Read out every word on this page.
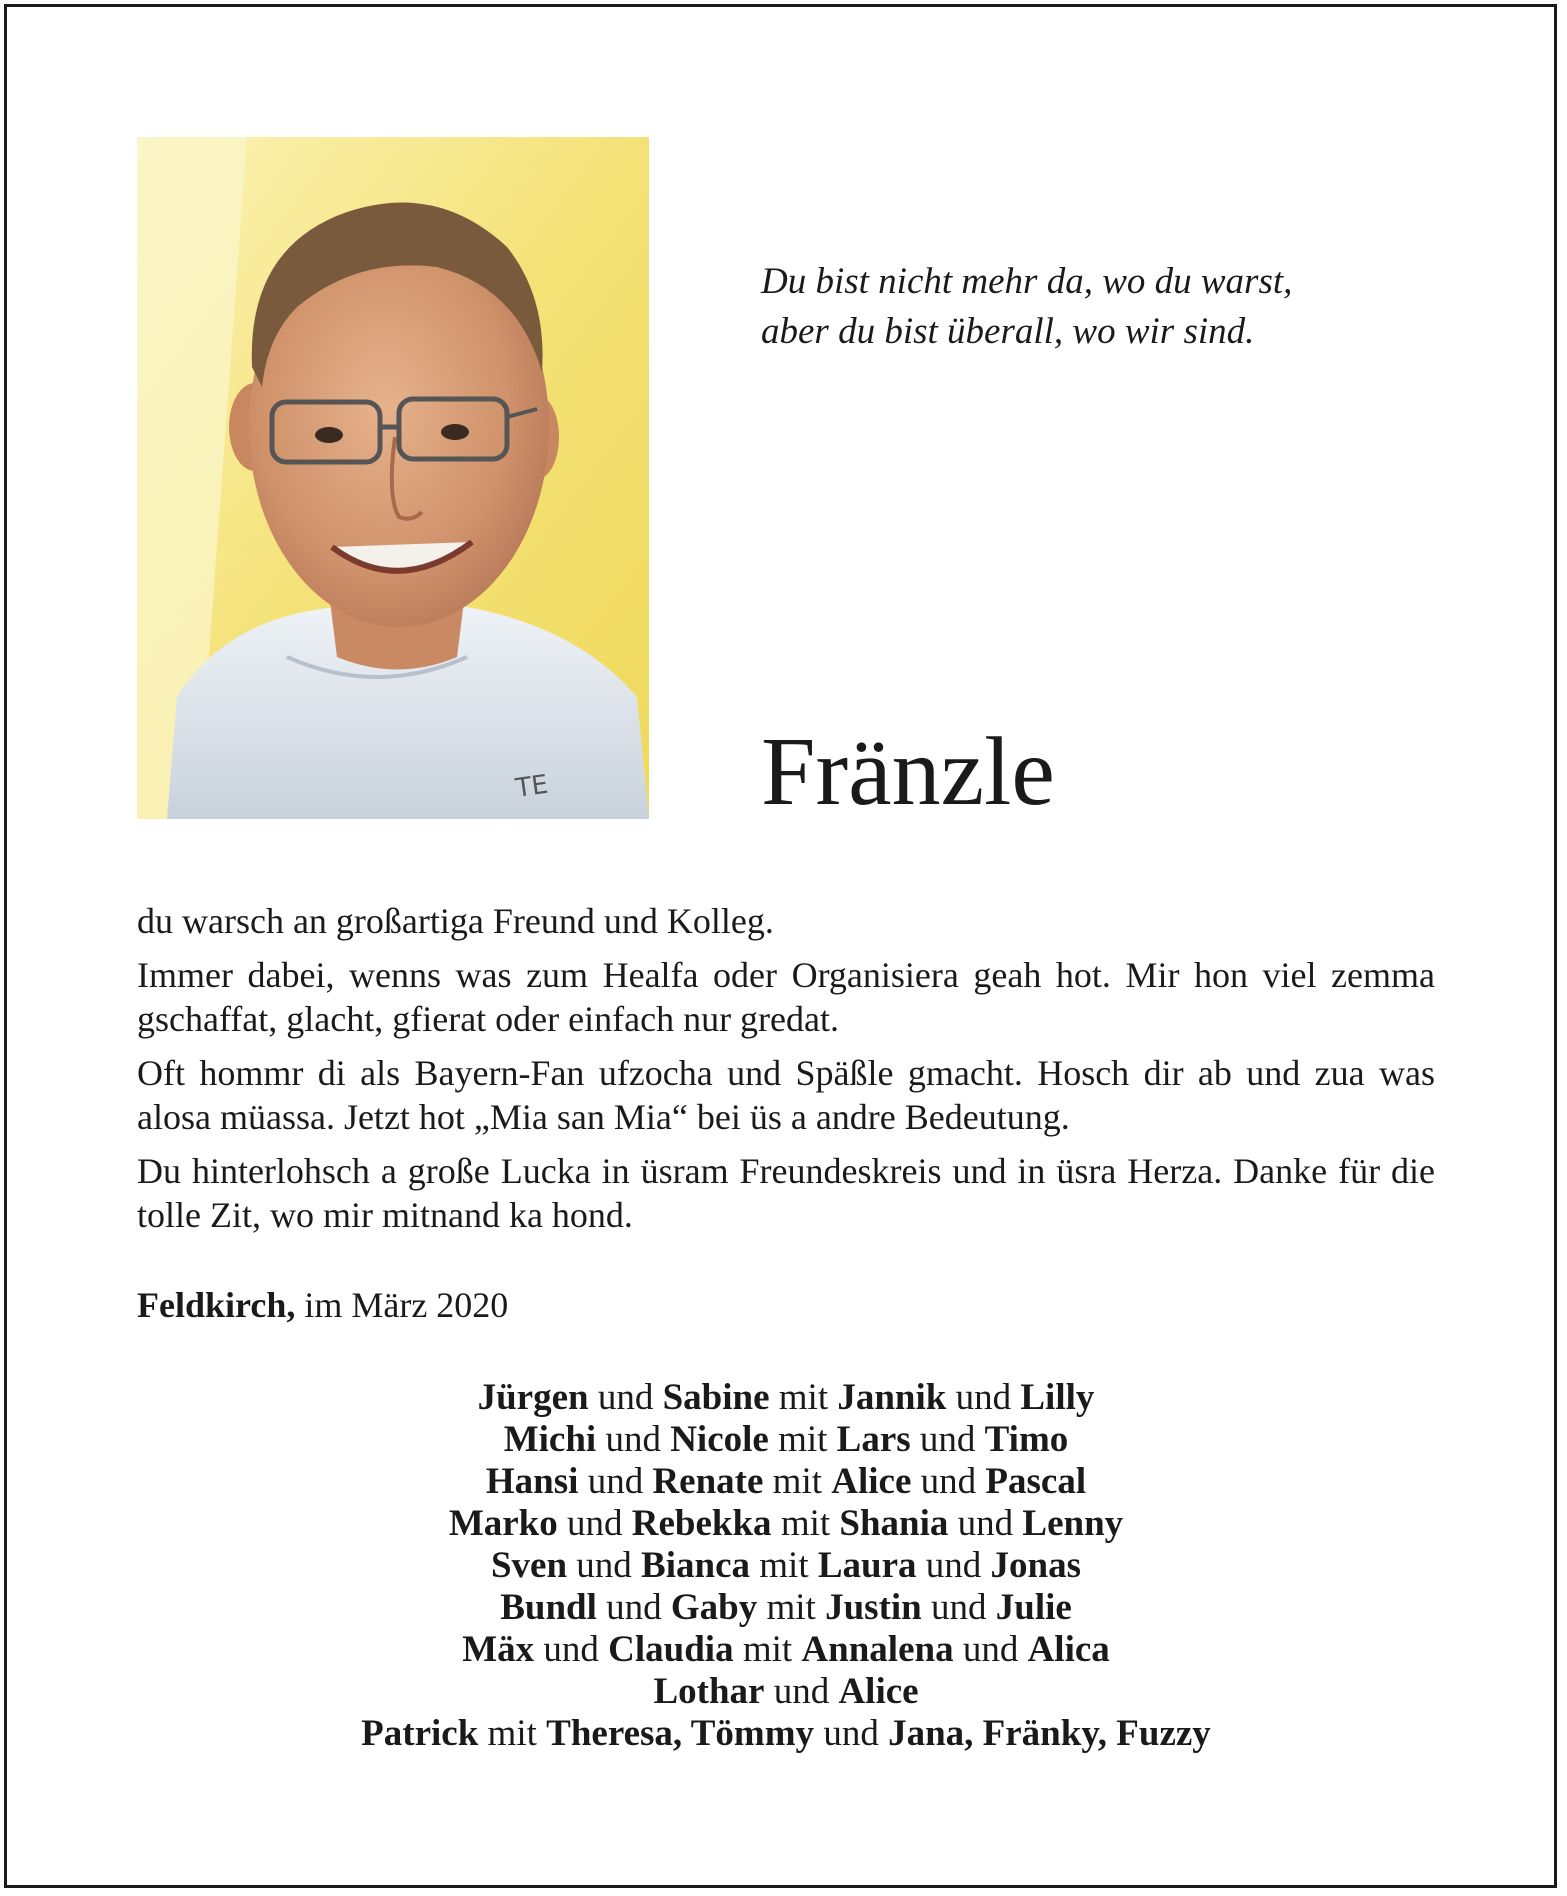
TE
Du bist nicht mehr da, wo du warst,
aber du bist überall, wo wir sind.
Fränzle

du warsch an großartiga Freund und Kolleg.

Immer dabei, wenns was zum Healfa oder Organisiera geah hot. Mir hon viel zemma gschaffat, glacht, gfierat oder einfach nur gredat.

Oft hommr di als Bayern-Fan ufzocha und Späßle gmacht. Hosch dir ab und zua was alosa müassa. Jetzt hot „Mia san Mia“ bei üs a andre Bedeutung.

Du hinterlohsch a große Lucka in üsram Freundeskreis und in üsra Herza. Danke für die tolle Zit, wo mir mitnand ka hond.

Feldkirch, im März 2020
Jürgen und Sabine mit Jannik und Lilly
Michi und Nicole mit Lars und Timo
Hansi und Renate mit Alice und Pascal
Marko und Rebekka mit Shania und Lenny
Sven und Bianca mit Laura und Jonas
Bundl und Gaby mit Justin und Julie
Mäx und Claudia mit Annalena und Alica
Lothar und Alice
Patrick mit Theresa, Tömmy und Jana, Fränky, Fuzzy
